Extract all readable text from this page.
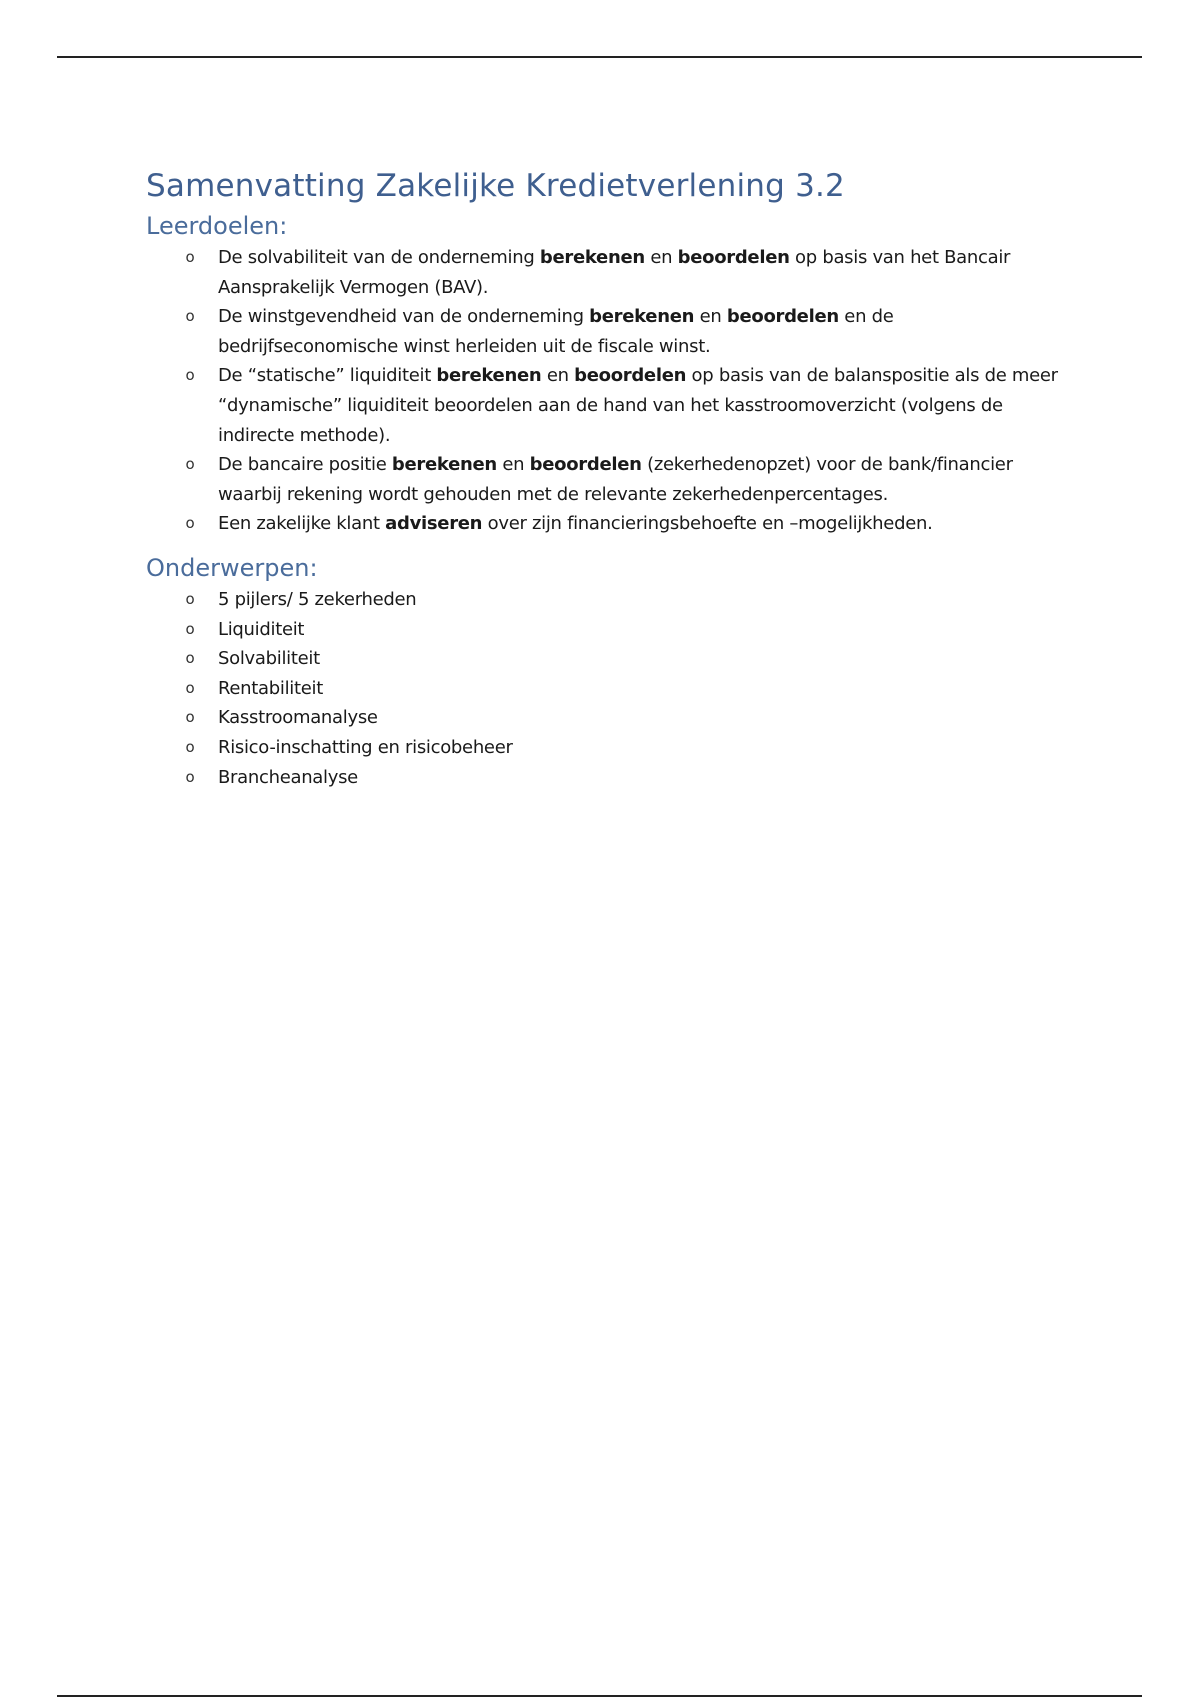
Samenvatting Zakelijke Kredietverlening 3.2
Leerdoelen:
o
De solvabiliteit van de onderneming berekenen en beoordelen op basis van het Bancair Aansprakelijk Vermogen (BAV).
o
De winstgevendheid van de onderneming berekenen en beoordelen en de bedrijfseconomische winst herleiden uit de fiscale winst.
o
De “statische” liquiditeit berekenen en beoordelen op basis van de balanspositie als de meer “dynamische” liquiditeit beoordelen aan de hand van het kasstroomoverzicht (volgens de indirecte methode).
o
De bancaire positie berekenen en beoordelen (zekerhedenopzet) voor de bank/financier waarbij rekening wordt gehouden met de relevante zekerhedenpercentages.
o
Een zakelijke klant adviseren over zijn financieringsbehoefte en –mogelijkheden.
Onderwerpen:
o
5 pijlers/ 5 zekerheden
o
Liquiditeit
o
Solvabiliteit
o
Rentabiliteit
o
Kasstroomanalyse
o
Risico-inschatting en risicobeheer
o
Brancheanalyse
